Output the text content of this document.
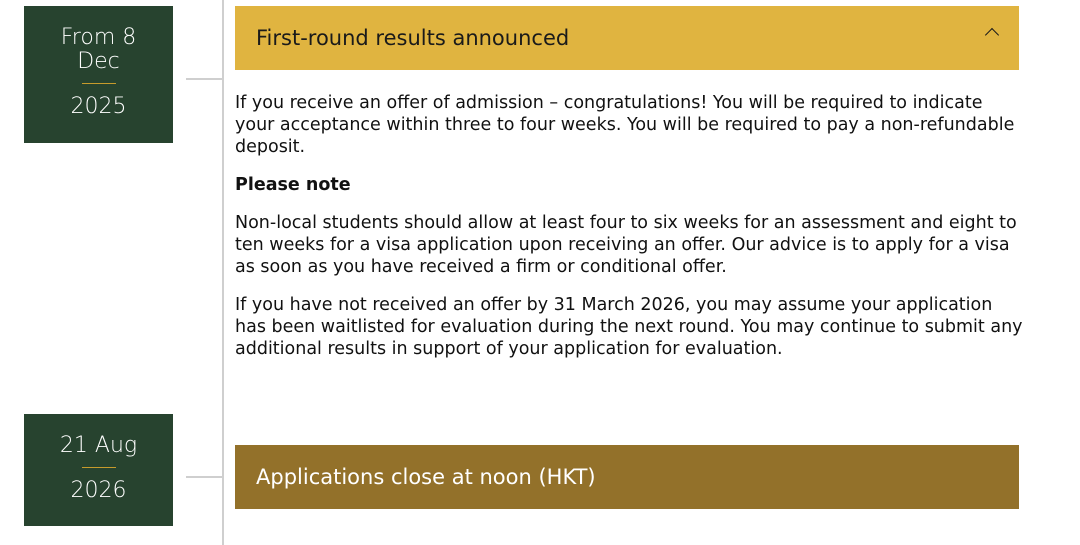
From 8
Dec
2025
First-round results announced

If you receive an offer of admission – congratulations! You will be required to indicate your acceptance within three to four weeks. You will be required to pay a non-refundable deposit.

Please note

Non-local students should allow at least four to six weeks for an assessment and eight to ten weeks for a visa application upon receiving an offer. Our advice is to apply for a visa as soon as you have received a firm or conditional offer.

If you have not received an offer by 31 March 2026, you may assume your application has been waitlisted for evaluation during the next round. You may continue to submit any additional results in support of your application for evaluation.

21 Aug
2026
Applications close at noon (HKT)
